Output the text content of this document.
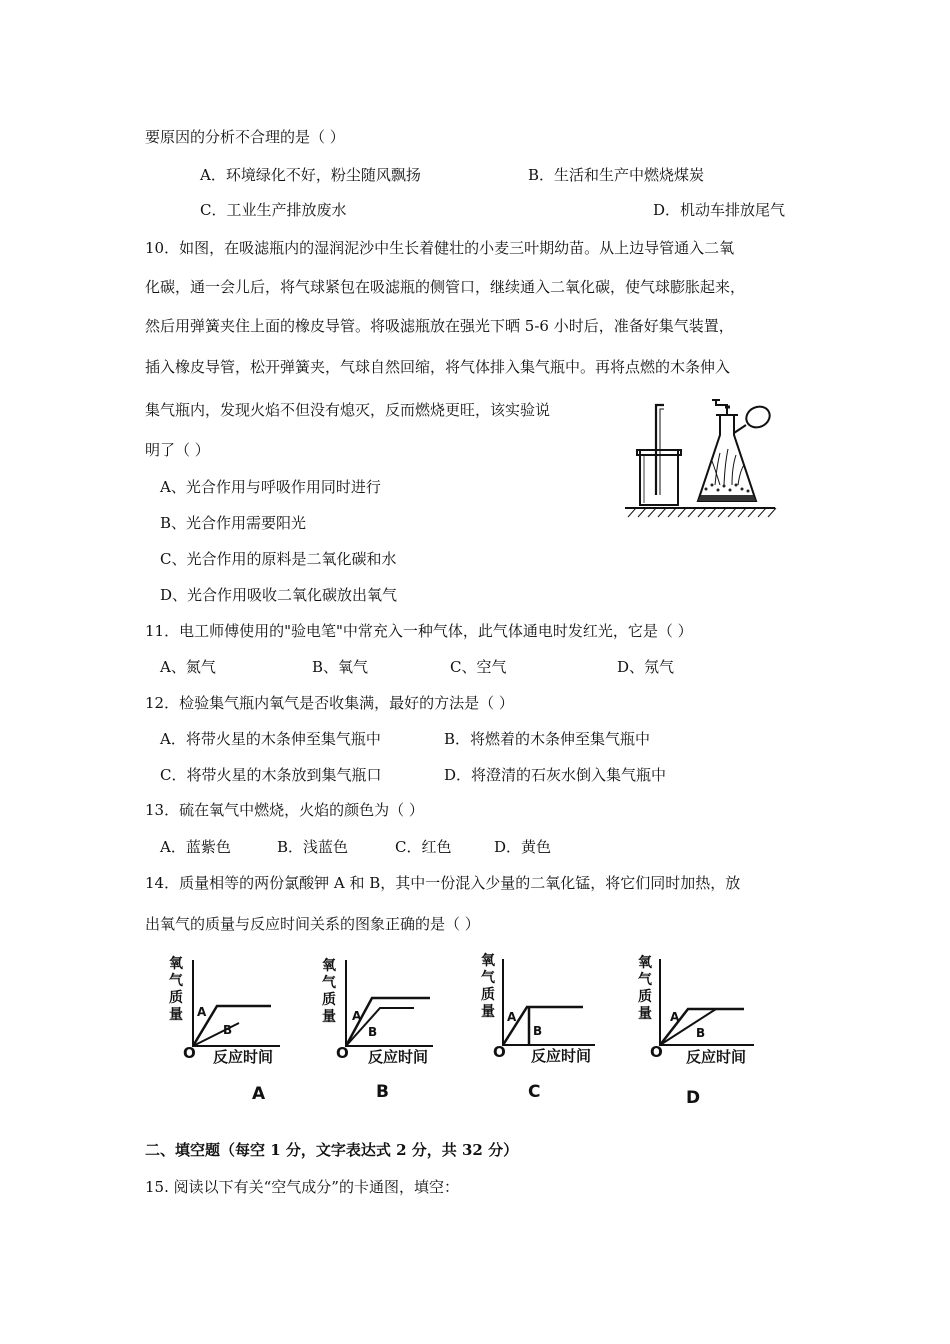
要原因的分析不合理的是（ ）
A．环境绿化不好，粉尘随风飘扬	B．生活和生产中燃烧煤炭
C．工业生产排放废水	D．机动车排放尾气
10．如图，在吸滤瓶内的湿润泥沙中生长着健壮的小麦三叶期幼苗。从上边导管通入二氧
化碳，通一会儿后，将气球紧包在吸滤瓶的侧管口，继续通入二氧化碳，使气球膨胀起来，
然后用弹簧夹住上面的橡皮导管。将吸滤瓶放在强光下晒 5-6 小时后，准备好集气装置，
插入橡皮导管，松开弹簧夹，气球自然回缩，将气体排入集气瓶中。再将点燃的木条伸入
集气瓶内，发现火焰不但没有熄灭，反而燃烧更旺，该实验说
明了（ ）
A、光合作用与呼吸作用同时进行
B、光合作用需要阳光
C、光合作用的原料是二氧化碳和水
D、光合作用吸收二氧化碳放出氧气
11．电工师傅使用的"验电笔"中常充入一种气体，此气体通电时发红光，它是（ ）
A、氮气	B、氧气	C、空气	D、氖气
12．检验集气瓶内氧气是否收集满，最好的方法是（ ）
A．将带火星的木条伸至集气瓶中	B．将燃着的木条伸至集气瓶中
C．将带火星的木条放到集气瓶口	D．将澄清的石灰水倒入集气瓶中
13．硫在氧气中燃烧，火焰的颜色为（ ）
A．蓝紫色	B．浅蓝色	C．红色	D．黄色
14．质量相等的两份氯酸钾 A 和 B，其中一份混入少量的二氧化锰，将它们同时加热，放
出氧气的质量与反应时间关系的图象正确的是（ ）
氧
气
质
量
O 反应时间
A
B
氧
气
质
量
O 反应时间
A
B
氧
气
质
量
O 反应时间
A
B
氧
气
质
量
O 反应时间
A
B
A	B	C	D
二、填空题（每空 1 分，文字表达式 2 分，共 32 分）
15. 阅读以下有关“空气成分”的卡通图，填空：
